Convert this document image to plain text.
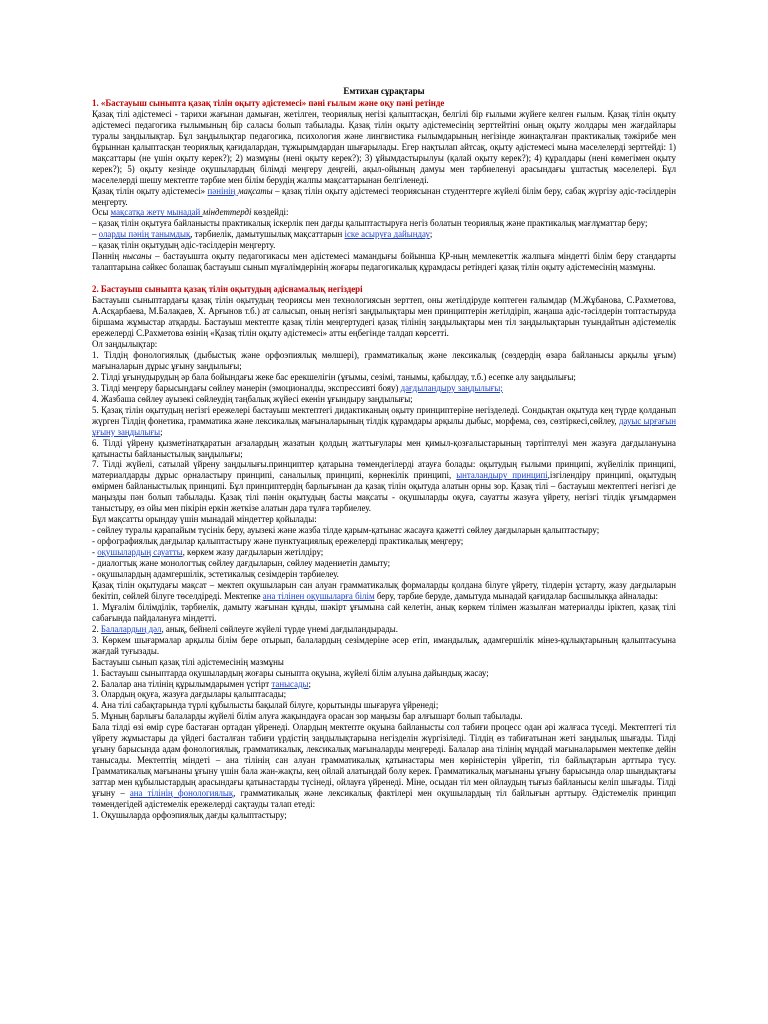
Емтихан сұрақтары
1. «Бастауыш сыныпта қазақ тілін оқыту әдістемесі» пәні ғылым және оқу пәні ретінде

Қазақ тілі әдістемесі - тарихи жағынан дамыған, жетілген, теориялық негізі қалыптасқан, белгілі бір ғылыми жүйеге келген ғылым. Қазақ тілін оқыту әдістемесі педагогика ғылымының бір саласы болып табылады. Қазақ тілін оқыту әдістемесінің зерттейтіні оның оқыту жолдары мен жағдайлары туралы заңдылықтар. Бұл заңдылықтар педагогика, психология және лингвистика ғылымдарының негізінде жинақталған практикалық тәжірибе мен бұрыннан қалыптасқан теориялық қағидалардан, тұжырымдардан шығарылады. Егер нақтылап айтсақ, оқыту әдістемесі мына мәселелерді зерттейді: 1) мақсаттары (не үшін оқыту керек?); 2) мазмұны (нені оқыту керек?); 3) ұйымдастырылуы (қалай оқыту керек?); 4) құралдары (нені көмегімен оқыту керек?); 5) оқыту кезінде оқушылардың білімді меңгеру деңгейі, ақыл-ойының дамуы мен тәрбиеленуі арасындағы ұштастық мәселелері. Бұл мәселелерді шешу мектепте тәрбие мен білім берудің жалпы мақсаттарынан белгіленеді.

Қазақ тілін оқыту әдістемесі» пәнінің мақсаты – қазақ тілін оқыту әдістемесі теориясынан студенттерге жүйелі білім беру, сабақ жүргізу әдіс-тәсілдерін меңгерту.

Осы мақсатқа жету мынадай міндеттерді көздейді:

– қазақ тілін оқытуға байланысты практикалық іскерлік пен дағды қалыптастыруға негіз болатын теориялық және практикалық мағлұматтар беру;

– оларды пәнің танымдық, тәрбиелік, дамытушылық мақсаттарын іске асыруға дайындау;

– қазақ тілін оқытудың әдіс-тәсілдерін меңгерту.

Пәннің нысаны – бастауышта оқыту педагогикасы мен әдістемесі мамандығы бойынша ҚР-ның мемлекеттік жалпыға міндетті білім беру стандарты талаптарына сәйкес болашақ бастауыш сынып мұғалімдерінің жоғары педагогикалық құрамдасы ретіндегі қазақ тілін оқыту әдістемесінің мазмұны.

2. Бастауыш сыныпта қазақ тілін оқытудың әдіснамалық негіздері

Бастауыш сыныптардағы қазақ тілін оқытудың теориясы мен технологиясын зерттеп, оны жетілдіруде көптеген ғалымдар (М.Жұбанова, С.Рахметова, А.Асқарбаева, М.Балақаев, Х. Арғынов т.б.) ат салысып, оның негізгі заңдылықтары мен принциптерін жетілдіріп, жаңаша әдіс-тәсілдерін топтастыруда біршама жұмыстар атқарды. Бастауыш мектепте қазақ тілін меңгертудегі қазақ тілінің заңдылықтары мен тіл заңдылықтарын туындайтын әдістемелік ережелерді С.Рахметова өзінің «Қазақ тілін оқыту әдістемесі» атты еңбегінде талдап көрсетті.

Ол заңдылықтар:

1. Тілдің фонологиялық (дыбыстық және орфоэпиялық мөлшері), грамматикалық және лексикалық (сөздердің өзара байланысы арқылы ұғым) мағыналарын дұрыс ұғыну заңдылығы;

2. Тілді ұғынудырудың әр бала бойындағы жеке бас ерекшелігін (ұғымы, сезімі, танымы, қабылдау, т.б.) есепке алу заңдылығы;

3. Тілді меңгеру барысындағы сөйлеу мәнерін (эмоционалды, экспрессивті бояу) дағдыландыру заңдылығы;

4. Жазбаша сөйлеу ауызекі сөйлеудің таңбалық жүйесі екенін ұғындыру заңдылығы;

5. Қазақ тілін оқытудың негізгі ережелері бастауыш мектептегі дидактиканың оқыту принциптеріне негізделеді. Сондықтан оқытуда кең түрде қолданып жүрген Тілдің фонетика, грамматика және лексикалық мағыналарының тілдік құрамдары арқылы дыбыс, морфема, сөз, сөзтіркесі,сөйлеу, дауыс ырғағын ұғыну заңдылығы;

6. Тілді үйрену қызметінатқаратын ағзалардың жазатын қолдың жаттығулары мен қимыл-қозғалыстарының тәртіптелуі мен жазуға дағдылануына қатынасты байланыстылық заңдылығы;

7. Тілді жүйелі, сатылай үйрену заңдылығы.принциптер қатарына төмендегілерді атауға болады: оқытудың ғылыми принципі, жүйелілік принципі, материалдарды дұрыс орналастыру принципі, саналылық принципі, көрнекілік принципі, ынталандыру принципі,ізгілендіру принципі, оқытудың өмірмен байланыстылық принципі. Бұл принциптердің барлығынан да қазақ тілін оқытуда алатын орны зор. Қазақ тілі – бастауыш мектептегі негізгі де маңызды пән болып табылады. Қазақ тілі пәнін оқытудың басты мақсаты - оқушыларды оқуға, сауатты жазуға үйрету, негізгі тілдік ұғымдармен таныстыру, өз ойы мен пікірін еркін жеткізе алатын дара тұлға тәрбиелеу.

Бұл мақсатты орындау үшін мынадай міндеттер қойылады:

- сөйлеу туралы қарапайым түсінік беру, ауызекі және жазба тілде қарым-қатынас жасауға қажетті сөйлеу дағдыларын қалыптастыру;

- орфографиялық дағдылар қалыптастыру және пунктуациялық ережелерді практикалық меңгеру;

- оқушылардың сауатты, көркем жазу дағдыларын жетілдіру;

- диалогтық және монологтық сөйлеу дағдыларын, сөйлеу мәдениетін дамыту;

- оқушылардың адамгершілік, эстетикалық сезімдерін тәрбиелеу.

Қазақ тілін оқытудағы мақсат – мектеп оқушыларын сан алуан грамматикалық формаларды қолдана білуге үйрету, тілдерін ұстарту, жазу дағдыларын бекітіп, сөйлей білуге төселдіреді. Мектепке ана тілінен оқушыларға білім беру, тәрбие беруде, дамытуда мынадай қағидалар басшылыққа айналады:

1. Мұғалім білімділік, тәрбиелік, дамыту жағынан құнды, шәкірт ұғымына сай келетін, анық көркем тілімен жазылған материалды іріктеп, қазақ тілі сабағында пайдалануға міндетті.

2. Балалардың дәл, анық, бейнелі сөйлеуге жүйелі түрде үнемі дағдыландырады.

3. Көркем шығармалар арқылы білім бере отырып, балалардың сезімдеріне әсер етіп, имандылық, адамгершілік мінез-құлықтарының қалыптасуына жағдай туғызады.

Бастауыш сынып қазақ тілі әдістемесінің мазмұны

1. Бастауыш сыныптарда оқушылардың жоғары сыныпта оқуына, жүйелі білім алуына дайындық жасау;

2. Балалар ана тілінің құрылымдарымен үстірт танысады;

3. Олардың оқуға, жазуға дағдылары қалыптасады;

4. Ана тілі сабақтарында түрлі құбылысты бақылай білуге, қорытынды шығаруға үйренеді;

5. Мұның барлығы балаларды жүйелі білім алуға жақындауға орасан зор маңызы бар алғышарт болып табылады.

Бала тілді өзі өмір сүре бастаған ортадан үйренеді. Олардың мектепте оқуына байланысты сол табиғи процесс одан әрі жалғаса түседі. Мектептегі тіл үйрету жұмыстары да үйдегі басталған табиғи үрдістің заңдылықтарына негізделін жүргізіледі. Тілдің өз табиғатынан жеті заңдылық шығады. Тілді ұғыну барысында адам фонологиялық, грамматикалық, лексикалық мағыналарды меңгереді. Балалар ана тілінің мұндай мағыналарымен мектепке дейін танысады. Мектептің міндеті – ана тілінің сан алуан грамматикалық қатынастары мен көріністерін үйретіп, тіл байлықтарын арттыра түсу. Грамматикалық мағынаны ұғыну үшін бала жан-жақты, кең ойлай алатындай болу керек. Грамматикалық мағынаны ұғыну барысында олар шындықтағы заттар мен құбылыстардың арасындағы қатынастарды түсінеді, ойлауға үйренеді. Міне, осыдан тіл мен ойлаудың тығыз байланысы келіп шығады. Тілді ұғыну – ана тілінің фонологиялық, грамматикалық және лексикалық фактілері мен оқушылардың тіл байлығын арттыру. Әдістемелік принцип төмендегідей әдістемелік ережелерді сақтауды талап етеді:

1. Оқушыларда орфоэпиялық дағды қалыптастыру;
